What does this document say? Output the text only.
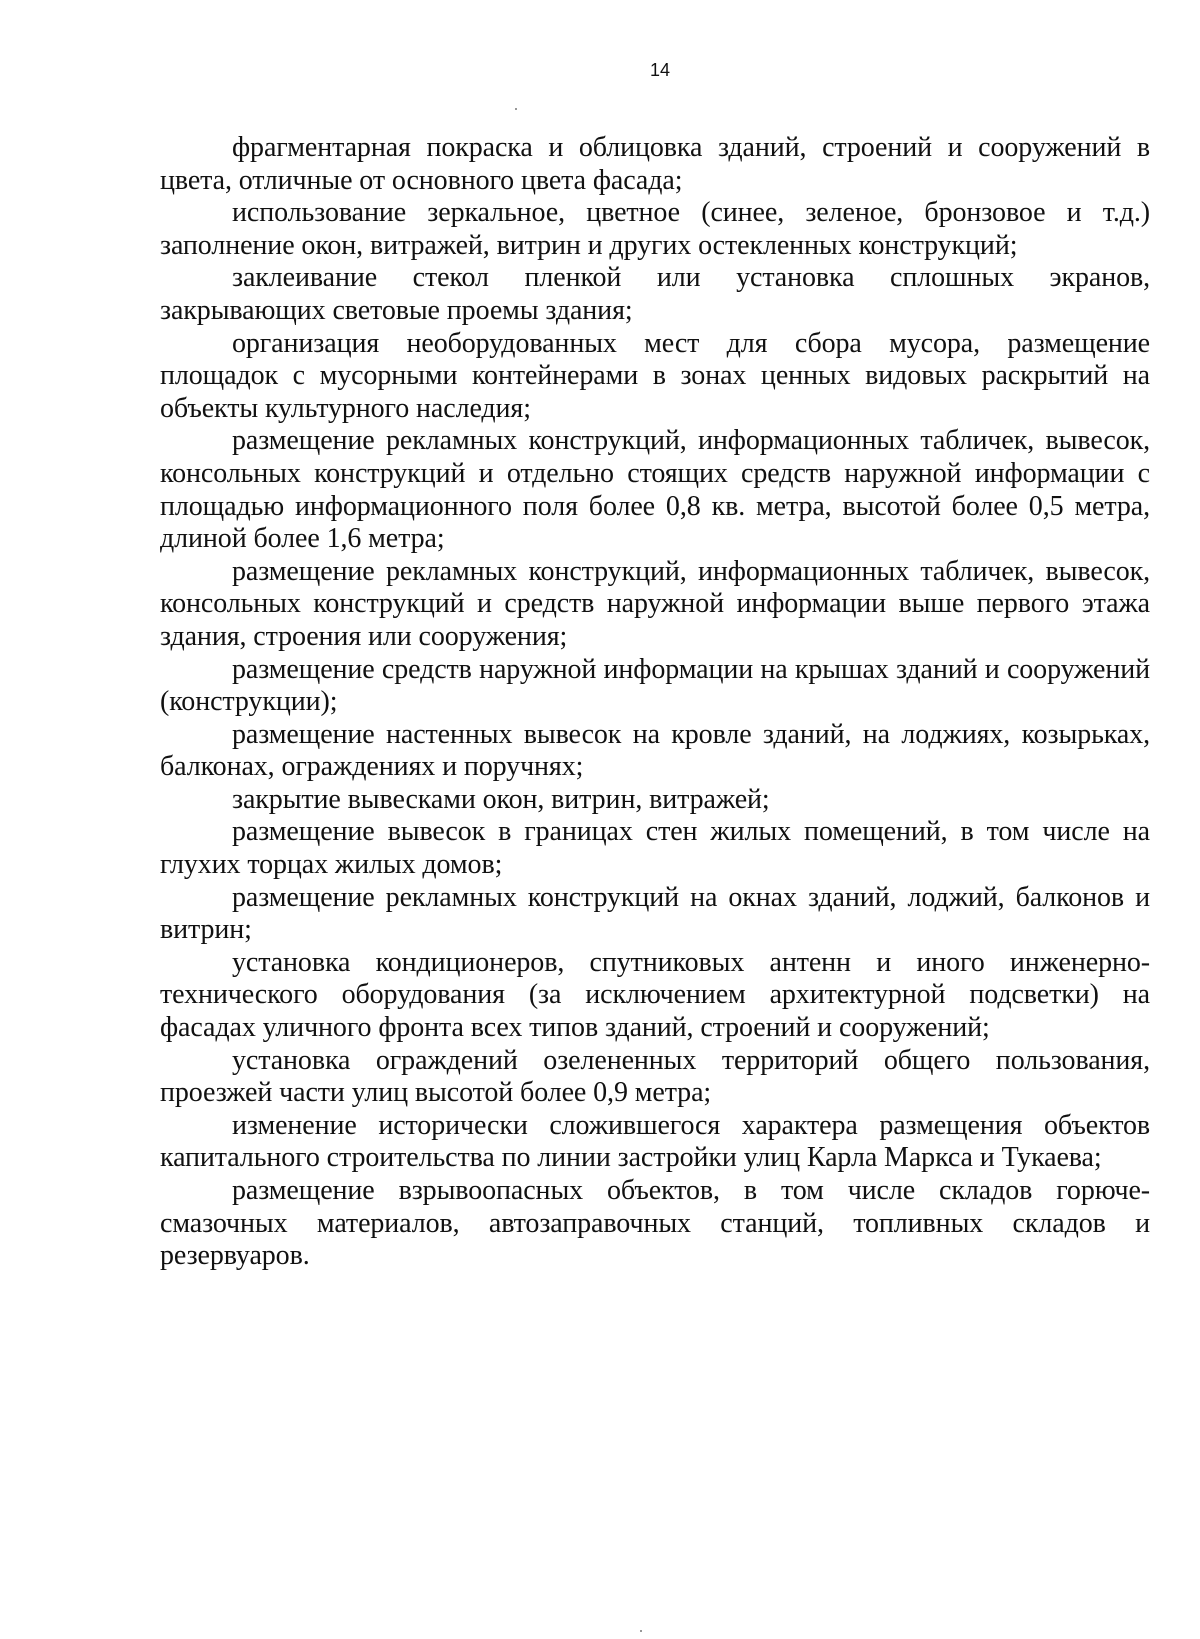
14

фрагментарная покраска и облицовка зданий, строений и сооружений в цвета, отличные от основного цвета фасада;

использование зеркальное, цветное (синее, зеленое, бронзовое и т.д.) заполнение окон, витражей, витрин и других остекленных конструкций;

заклеивание стекол пленкой или установка сплошных экранов, закрывающих световые проемы здания;

организация необорудованных мест для сбора мусора, размещение площадок с мусорными контейнерами в зонах ценных видовых раскрытий на объекты культурного наследия;

размещение рекламных конструкций, информационных табличек, вывесок, консольных конструкций и отдельно стоящих средств наружной информации с площадью информационного поля более 0,8 кв. метра, высотой более 0,5 метра, длиной более 1,6 метра;

размещение рекламных конструкций, информационных табличек, вывесок, консольных конструкций и средств наружной информации выше первого этажа здания, строения или сооружения;

размещение средств наружной информации на крышах зданий и сооружений (конструкции);

размещение настенных вывесок на кровле зданий, на лоджиях, козырьках, балконах, ограждениях и поручнях;

закрытие вывесками окон, витрин, витражей;

размещение вывесок в границах стен жилых помещений, в том числе на глухих торцах жилых домов;

размещение рекламных конструкций на окнах зданий, лоджий, балконов и витрин;

установка кондиционеров, спутниковых антенн и иного инженерно-технического оборудования (за исключением архитектурной подсветки) на фасадах уличного фронта всех типов зданий, строений и сооружений;

установка ограждений озелененных территорий общего пользования, проезжей части улиц высотой более 0,9 метра;

изменение исторически сложившегося характера размещения объектов капитального строительства по линии застройки улиц Карла Маркса и Тукаева;

размещение взрывоопасных объектов, в том числе складов горюче-смазочных материалов, автозаправочных станций, топливных складов и резервуаров.
